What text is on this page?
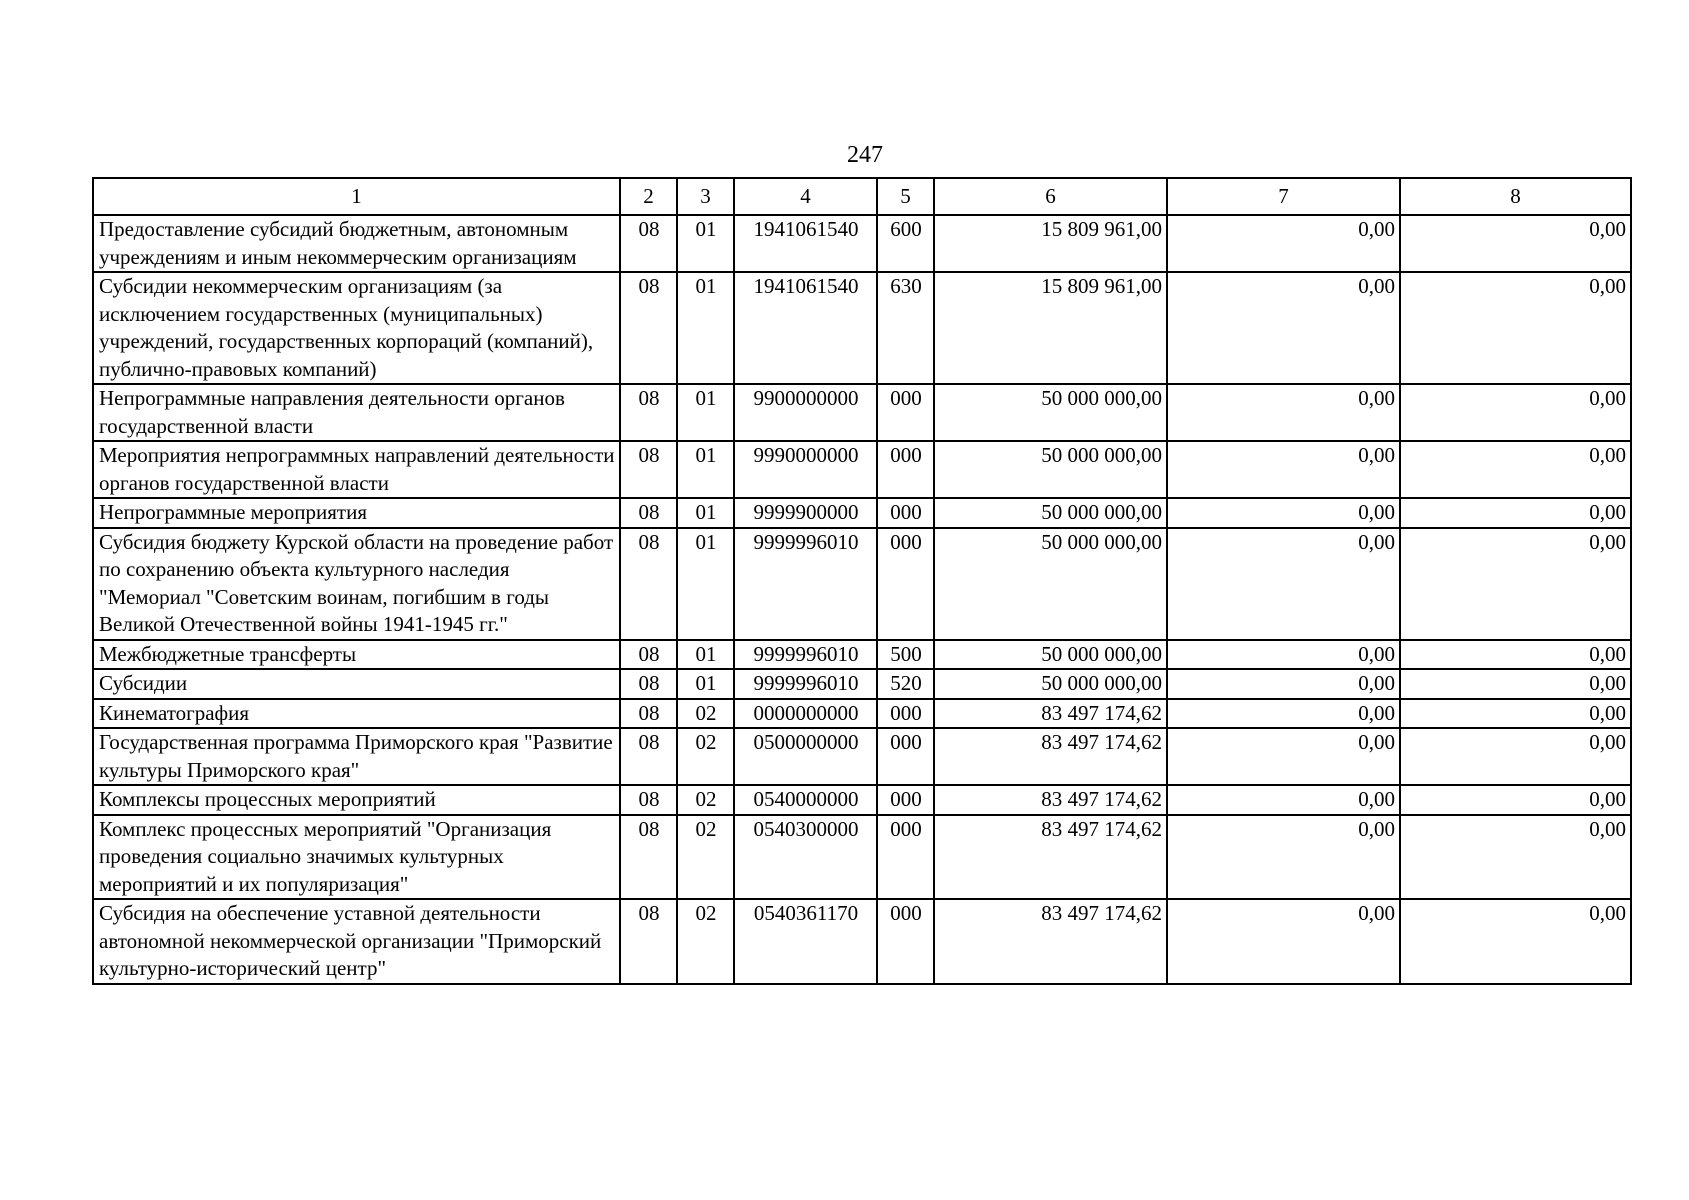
247
1	2	3	4	5	6	7	8
Предоставление субсидий бюджетным, автономным учреждениям и иным некоммерческим организациям	08	01	1941061540	600	15 809 961,00	0,00	0,00
Субсидии некоммерческим организациям (за исключением государственных (муниципальных) учреждений, государственных корпораций (компаний), публично-правовых компаний)	08	01	1941061540	630	15 809 961,00	0,00	0,00
Непрограммные направления деятельности органов государственной власти	08	01	9900000000	000	50 000 000,00	0,00	0,00
Мероприятия непрограммных направлений деятельности органов государственной власти	08	01	9990000000	000	50 000 000,00	0,00	0,00
Непрограммные мероприятия	08	01	9999900000	000	50 000 000,00	0,00	0,00
Субсидия бюджету Курской области на проведение работ по сохранению объекта культурного наследия "Мемориал "Советским воинам, погибшим в годы Великой Отечественной войны 1941-1945 гг."	08	01	9999996010	000	50 000 000,00	0,00	0,00
Межбюджетные трансферты	08	01	9999996010	500	50 000 000,00	0,00	0,00
Субсидии	08	01	9999996010	520	50 000 000,00	0,00	0,00
Кинематография	08	02	0000000000	000	83 497 174,62	0,00	0,00
Государственная программа Приморского края "Развитие культуры Приморского края"	08	02	0500000000	000	83 497 174,62	0,00	0,00
Комплексы процессных мероприятий	08	02	0540000000	000	83 497 174,62	0,00	0,00
Комплекс процессных мероприятий "Организация проведения социально значимых культурных мероприятий и их популяризация"	08	02	0540300000	000	83 497 174,62	0,00	0,00
Субсидия на обеспечение уставной деятельности автономной некоммерческой организации "Приморский культурно-исторический центр"	08	02	0540361170	000	83 497 174,62	0,00	0,00
